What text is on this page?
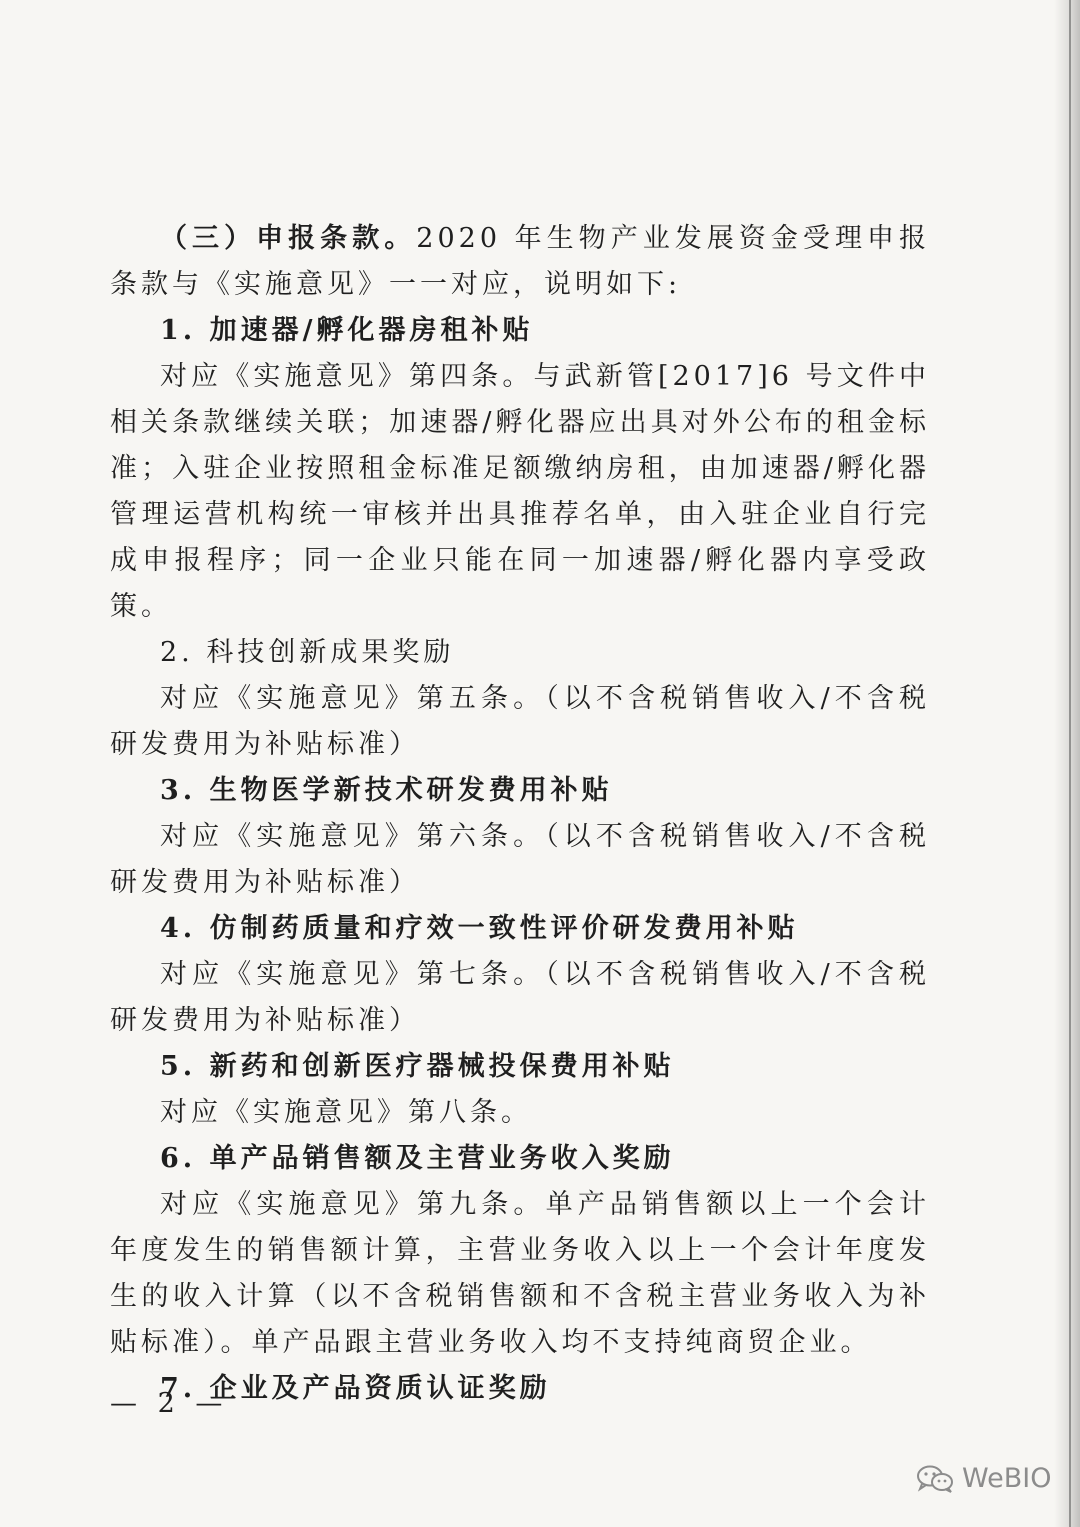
（三）申报条款。2020 年生物产业发展资金受理申报条款与《实施意见》一一对应，说明如下:

1. 加速器/孵化器房租补贴

对应《实施意见》第四条。与武新管[2017]6 号文件中相关条款继续关联；加速器/孵化器应出具对外公布的租金标准；入驻企业按照租金标准足额缴纳房租，由加速器/孵化器管理运营机构统一审核并出具推荐名单，由入驻企业自行完成申报程序；同一企业只能在同一加速器/孵化器内享受政策。

2. 科技创新成果奖励

对应《实施意见》第五条。（以不含税销售收入/不含税研发费用为补贴标准）

3. 生物医学新技术研发费用补贴

对应《实施意见》第六条。（以不含税销售收入/不含税研发费用为补贴标准）

4. 仿制药质量和疗效一致性评价研发费用补贴

对应《实施意见》第七条。（以不含税销售收入/不含税研发费用为补贴标准）

5. 新药和创新医疗器械投保费用补贴

对应《实施意见》第八条。

6. 单产品销售额及主营业务收入奖励

对应《实施意见》第九条。单产品销售额以上一个会计年度发生的销售额计算，主营业务收入以上一个会计年度发生的收入计算（以不含税销售额和不含税主营业务收入为补贴标准）。单产品跟主营业务收入均不支持纯商贸企业。

7. 企业及产品资质认证奖励

— 2 —
WeBIO
